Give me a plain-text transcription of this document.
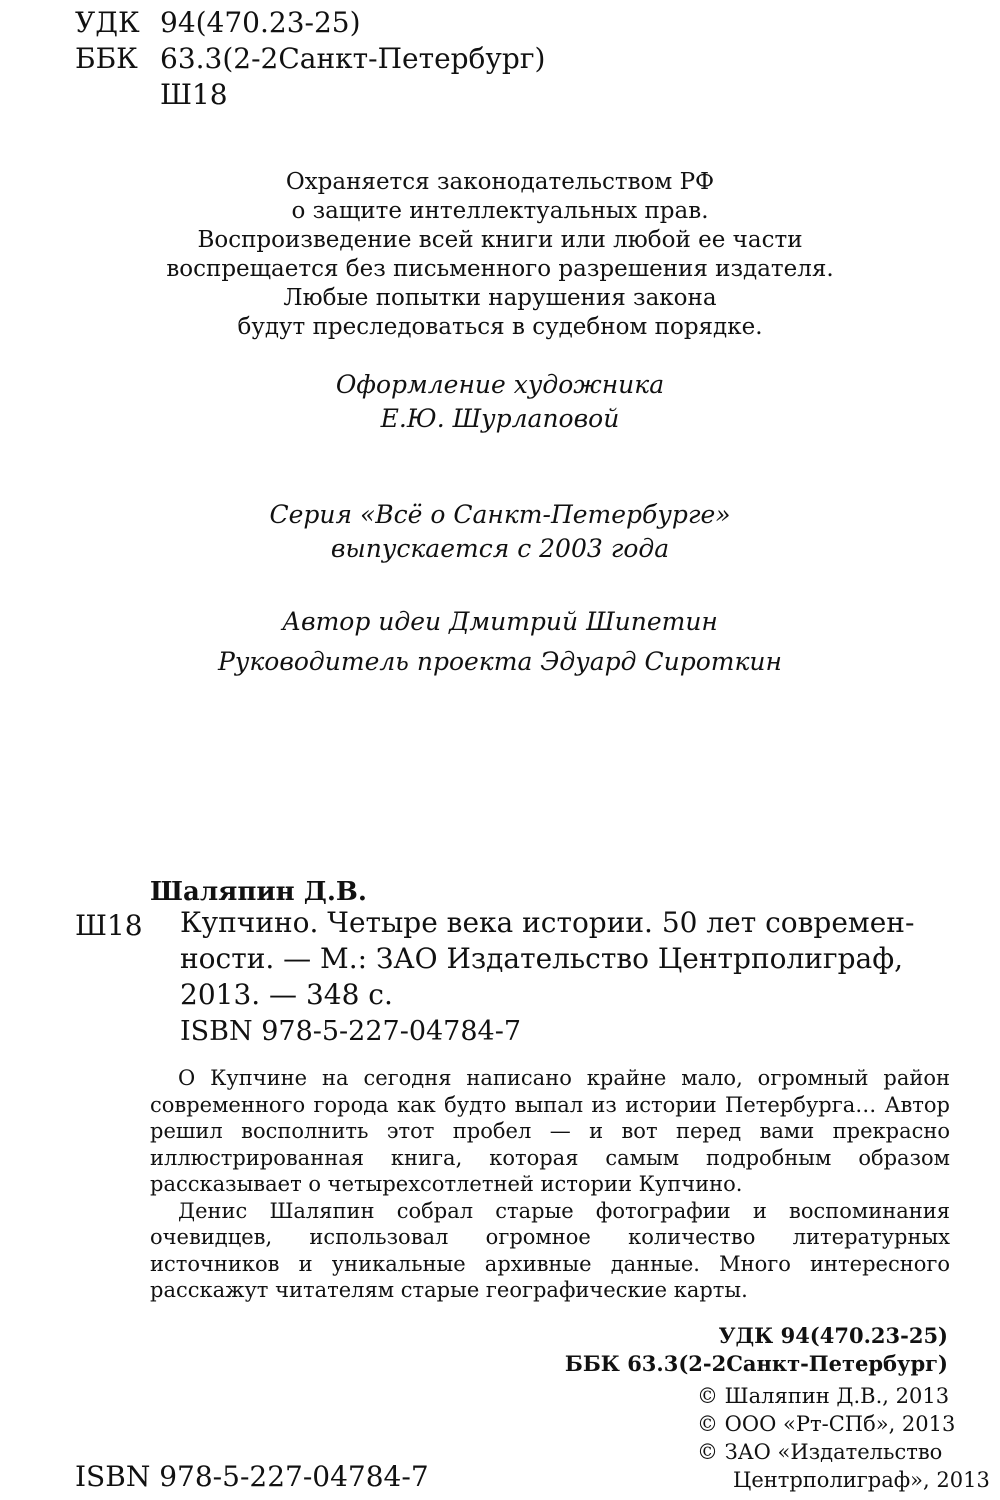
УДК 94(470.23-25)
ББК 63.3(2-2Санкт-Петербург)
Ш18
Охраняется законодательством РФ
о защите интеллектуальных прав.
Воспроизведение всей книги или любой ее части
воспрещается без письменного разрешения издателя.
Любые попытки нарушения закона
будут преследоваться в судебном порядке.
Оформление художника
Е.Ю. Шурлаповой
Серия «Всё о Санкт-Петербурге»
выпускается с 2003 года
Автор идеи Дмитрий Шипетин
Руководитель проекта Эдуард Сироткин
Шаляпин Д.В.
Ш18 Купчино. Четыре века истории. 50 лет современ-
ности. — М.: ЗАО Издательство Центрполиграф,
2013. — 348 с.
ISBN 978-5-227-04784-7

О Купчине на сегодня написано крайне мало, огромный район современного города как будто выпал из истории Петербурга… Автор решил восполнить этот пробел — и вот перед вами прекрасно иллюстрированная книга, которая самым подробным образом рассказывает о четырехсотлетней истории Купчино.

Денис Шаляпин собрал старые фотографии и воспоминания очевидцев, использовал огромное количество литературных источников и уникальные архивные данные. Много интересного расскажут читателям старые географические карты.

УДК 94(470.23-25)
ББК 63.3(2-2Санкт-Петербург)
© Шаляпин Д.В., 2013
© ООО «Рт-СПб», 2013
© ЗАО «Издательство
Центрполиграф», 2013
ISBN 978-5-227-04784-7
